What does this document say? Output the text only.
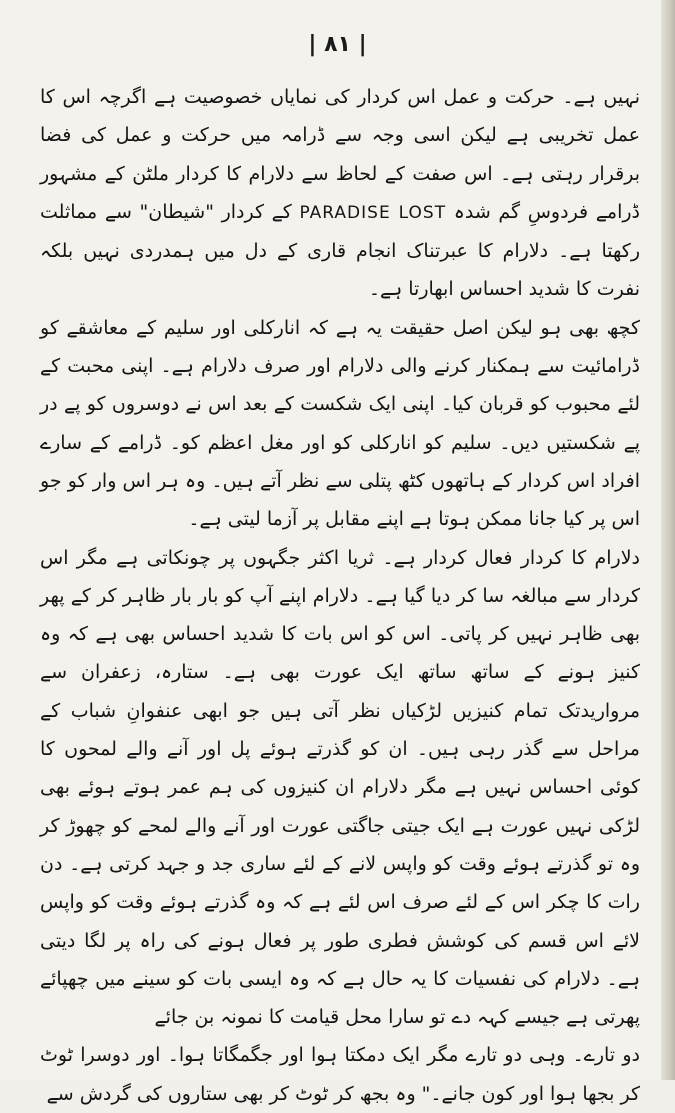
| ۸۱ |

نہیں ہے۔ حرکت و عمل اس کردار کی نمایاں خصوصیت ہے اگرچہ اس کا عمل تخریبی ہے لیکن اسی وجہ سے ڈرامہ میں حرکت و عمل کی فضا برقرار رہتی ہے۔ اس صفت کے لحاظ سے دلارام کا کردار ملٹن کے مشہور ڈرامے فردوسِ گم شدہ PARADISE LOST کے کردار "شیطان" سے مماثلت رکھتا ہے۔ دلارام کا عبرتناک انجام قاری کے دل میں ہمدردی نہیں بلکہ نفرت کا شدید احساس ابھارتا ہے۔

کچھ بھی ہو لیکن اصل حقیقت یہ ہے کہ انارکلی اور سلیم کے معاشقے کو ڈرامائیت سے ہمکنار کرنے والی دلارام اور صرف دلارام ہے۔ اپنی محبت کے لئے محبوب کو قربان کیا۔ اپنی ایک شکست کے بعد اس نے دوسروں کو پے در پے شکستیں دیں۔ سلیم کو انارکلی کو اور مغل اعظم کو۔ ڈرامے کے سارے افراد اس کردار کے ہاتھوں کٹھ پتلی سے نظر آتے ہیں۔ وہ ہر اس وار کو جو اس پر کیا جانا ممکن ہوتا ہے اپنے مقابل پر آزما لیتی ہے۔

دلارام کا کردار فعال کردار ہے۔ ثریا اکثر جگہوں پر چونکاتی ہے مگر اس کردار سے مبالغہ سا کر دیا گیا ہے۔ دلارام اپنے آپ کو بار بار ظاہر کر کے پھر بھی ظاہر نہیں کر پاتی۔ اس کو اس بات کا شدید احساس بھی ہے کہ وہ کنیز ہونے کے ساتھ ساتھ ایک عورت بھی ہے۔ ستارہ، زعفران سے مرواریدتک تمام کنیزیں لڑکیاں نظر آتی ہیں جو ابھی عنفوانِ شباب کے مراحل سے گذر رہی ہیں۔ ان کو گذرتے ہوئے پل اور آنے والے لمحوں کا کوئی احساس نہیں ہے مگر دلارام ان کنیزوں کی ہم عمر ہوتے ہوئے بھی لڑکی نہیں عورت ہے ایک جیتی جاگتی عورت اور آنے والے لمحے کو چھوڑ کر وہ تو گذرتے ہوئے وقت کو واپس لانے کے لئے ساری جد و جہد کرتی ہے۔ دن رات کا چکر اس کے لئے صرف اس لئے ہے کہ وہ گذرتے ہوئے وقت کو واپس لائے اس قسم کی کوشش فطری طور پر فعال ہونے کی راہ پر لگا دیتی ہے۔ دلارام کی نفسیات کا یہ حال ہے کہ وہ ایسی بات کو سینے میں چھپائے پھرتی ہے جیسے کہہ دے تو سارا محل قیامت کا نمونہ بن جائے

دو تارے۔ وہی دو تارے مگر ایک دمکتا ہوا اور جگمگاتا ہوا۔ اور دوسرا ٹوٹ کر بجھا ہوا اور کون جانے۔" وہ بجھ کر ٹوٹ کر بھی ستاروں کی گردش سے
